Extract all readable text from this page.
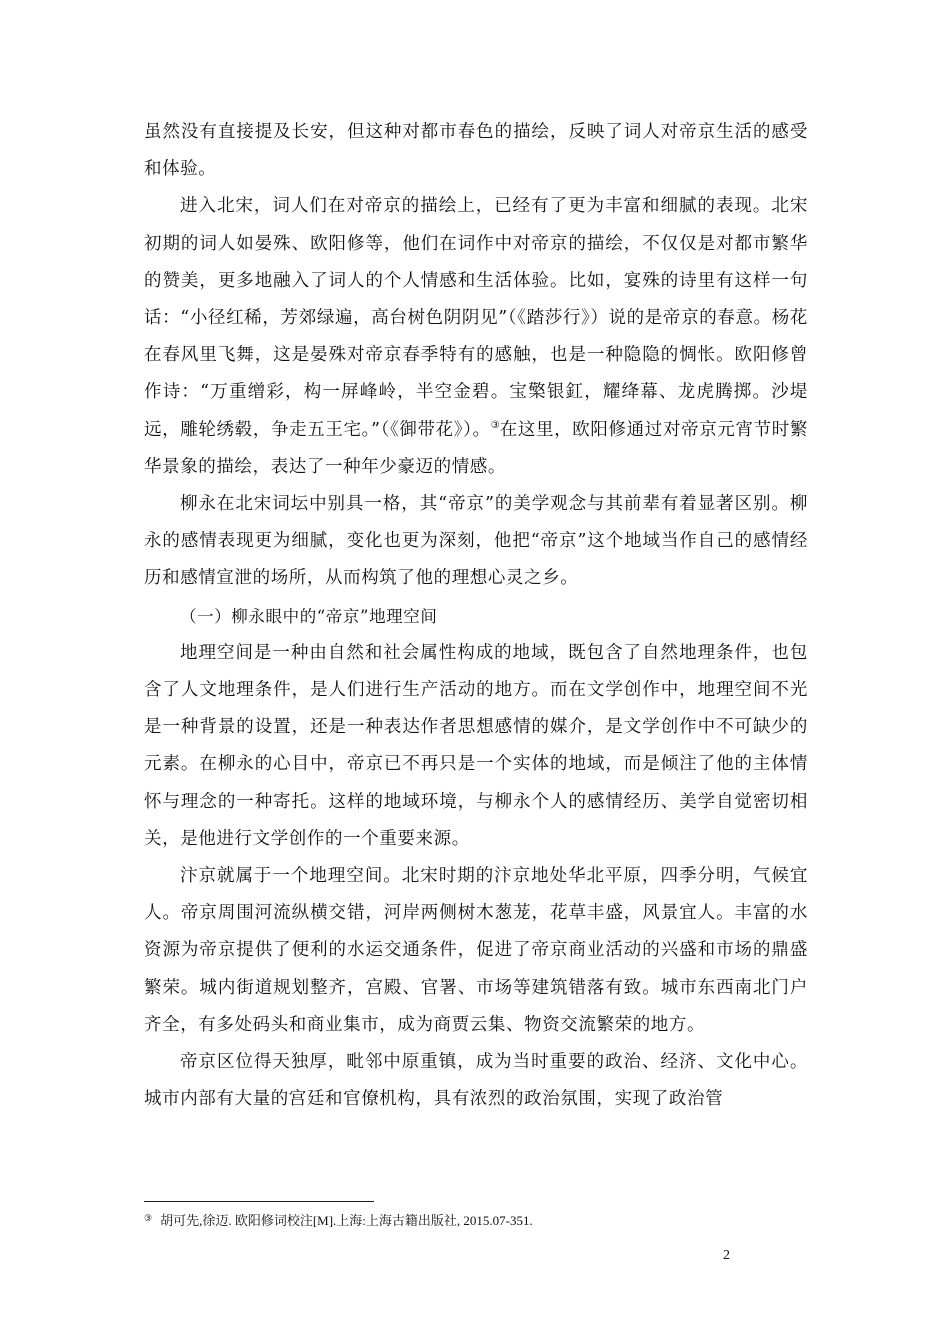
虽然没有直接提及长安，但这种对都市春色的描绘，反映了词人对帝京生活的感受和体验。

进入北宋，词人们在对帝京的描绘上，已经有了更为丰富和细腻的表现。北宋初期的词人如晏殊、欧阳修等，他们在词作中对帝京的描绘，不仅仅是对都市繁华的赞美，更多地融入了词人的个人情感和生活体验。比如，宴殊的诗里有这样一句话：“小径红稀，芳郊绿遍，高台树色阴阴见”（《踏莎行》）说的是帝京的春意。杨花在春风里飞舞，这是晏殊对帝京春季特有的感触，也是一种隐隐的惆怅。欧阳修曾作诗：“万重缯彩，构一屏峰岭，半空金碧。宝檠银釭，耀绛幕、龙虎腾掷。沙堤远，雕轮绣毂，争走五王宅。”（《御带花》）。③在这里，欧阳修通过对帝京元宵节时繁华景象的描绘，表达了一种年少豪迈的情感。

柳永在北宋词坛中别具一格，其“帝京”的美学观念与其前辈有着显著区别。柳永的感情表现更为细腻，变化也更为深刻，他把“帝京”这个地域当作自己的感情经历和感情宣泄的场所，从而构筑了他的理想心灵之乡。

（一）柳永眼中的“帝京”地理空间

地理空间是一种由自然和社会属性构成的地域，既包含了自然地理条件，也包含了人文地理条件，是人们进行生产活动的地方。而在文学创作中，地理空间不光是一种背景的设置，还是一种表达作者思想感情的媒介，是文学创作中不可缺少的元素。在柳永的心目中，帝京已不再只是一个实体的地域，而是倾注了他的主体情怀与理念的一种寄托。这样的地域环境，与柳永个人的感情经历、美学自觉密切相关，是他进行文学创作的一个重要来源。

汴京就属于一个地理空间。北宋时期的汴京地处华北平原，四季分明，气候宜人。帝京周围河流纵横交错，河岸两侧树木葱茏，花草丰盛，风景宜人。丰富的水资源为帝京提供了便利的水运交通条件，促进了帝京商业活动的兴盛和市场的鼎盛繁荣。城内街道规划整齐，宫殿、官署、市场等建筑错落有致。城市东西南北门户齐全，有多处码头和商业集市，成为商贾云集、物资交流繁荣的地方。

帝京区位得天独厚，毗邻中原重镇，成为当时重要的政治、经济、文化中心。城市内部有大量的宫廷和官僚机构，具有浓烈的政治氛围，实现了政治管

③ 胡可先,徐迈. 欧阳修词校注[M].上海:上海古籍出版社, 2015.07-351.
2
